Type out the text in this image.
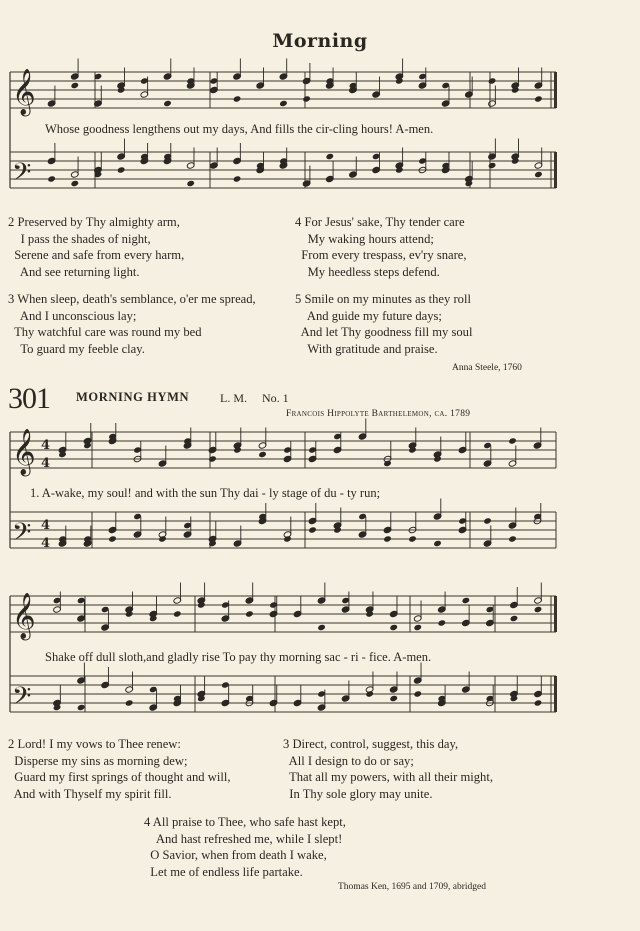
Morning
𝄞
𝄢
𝄞 4
4
𝄢 4
4
𝄞
𝄢
Whose goodness lengthens out my days, And fills the cir-cling hours! A-men.
2 Preserved by Thy almighty arm,
I pass the shades of night,
Serene and safe from every harm,
And see returning light.
3 When sleep, death's semblance, o'er me spread,
And I unconscious lay;
Thy watchful care was round my bed
To guard my feeble clay.
4 For Jesus' sake, Thy tender care
My waking hours attend;
From every trespass, ev'ry snare,
My heedless steps defend.
5 Smile on my minutes as they roll
And guide my future days;
And let Thy goodness fill my soul
With gratitude and praise.
Anna Steele, 1760
301 MORNING HYMN	L. M. No. 1
Francois Hippolyte Barthelemon, ca. 1789
1. A-wake, my soul! and with the sun Thy dai - ly stage of du - ty run;
Shake off dull sloth,and gladly rise To pay thy morning sac - ri - fice. A-men.
2 Lord! I my vows to Thee renew:
Disperse my sins as morning dew;
Guard my first springs of thought and will,
And with Thyself my spirit fill.
3 Direct, control, suggest, this day,
All I design to do or say;
That all my powers, with all their might,
In Thy sole glory may unite.
4 All praise to Thee, who safe hast kept,
And hast refreshed me, while I slept!
O Savior, when from death I wake,
Let me of endless life partake.
Thomas Ken, 1695 and 1709, abridged
